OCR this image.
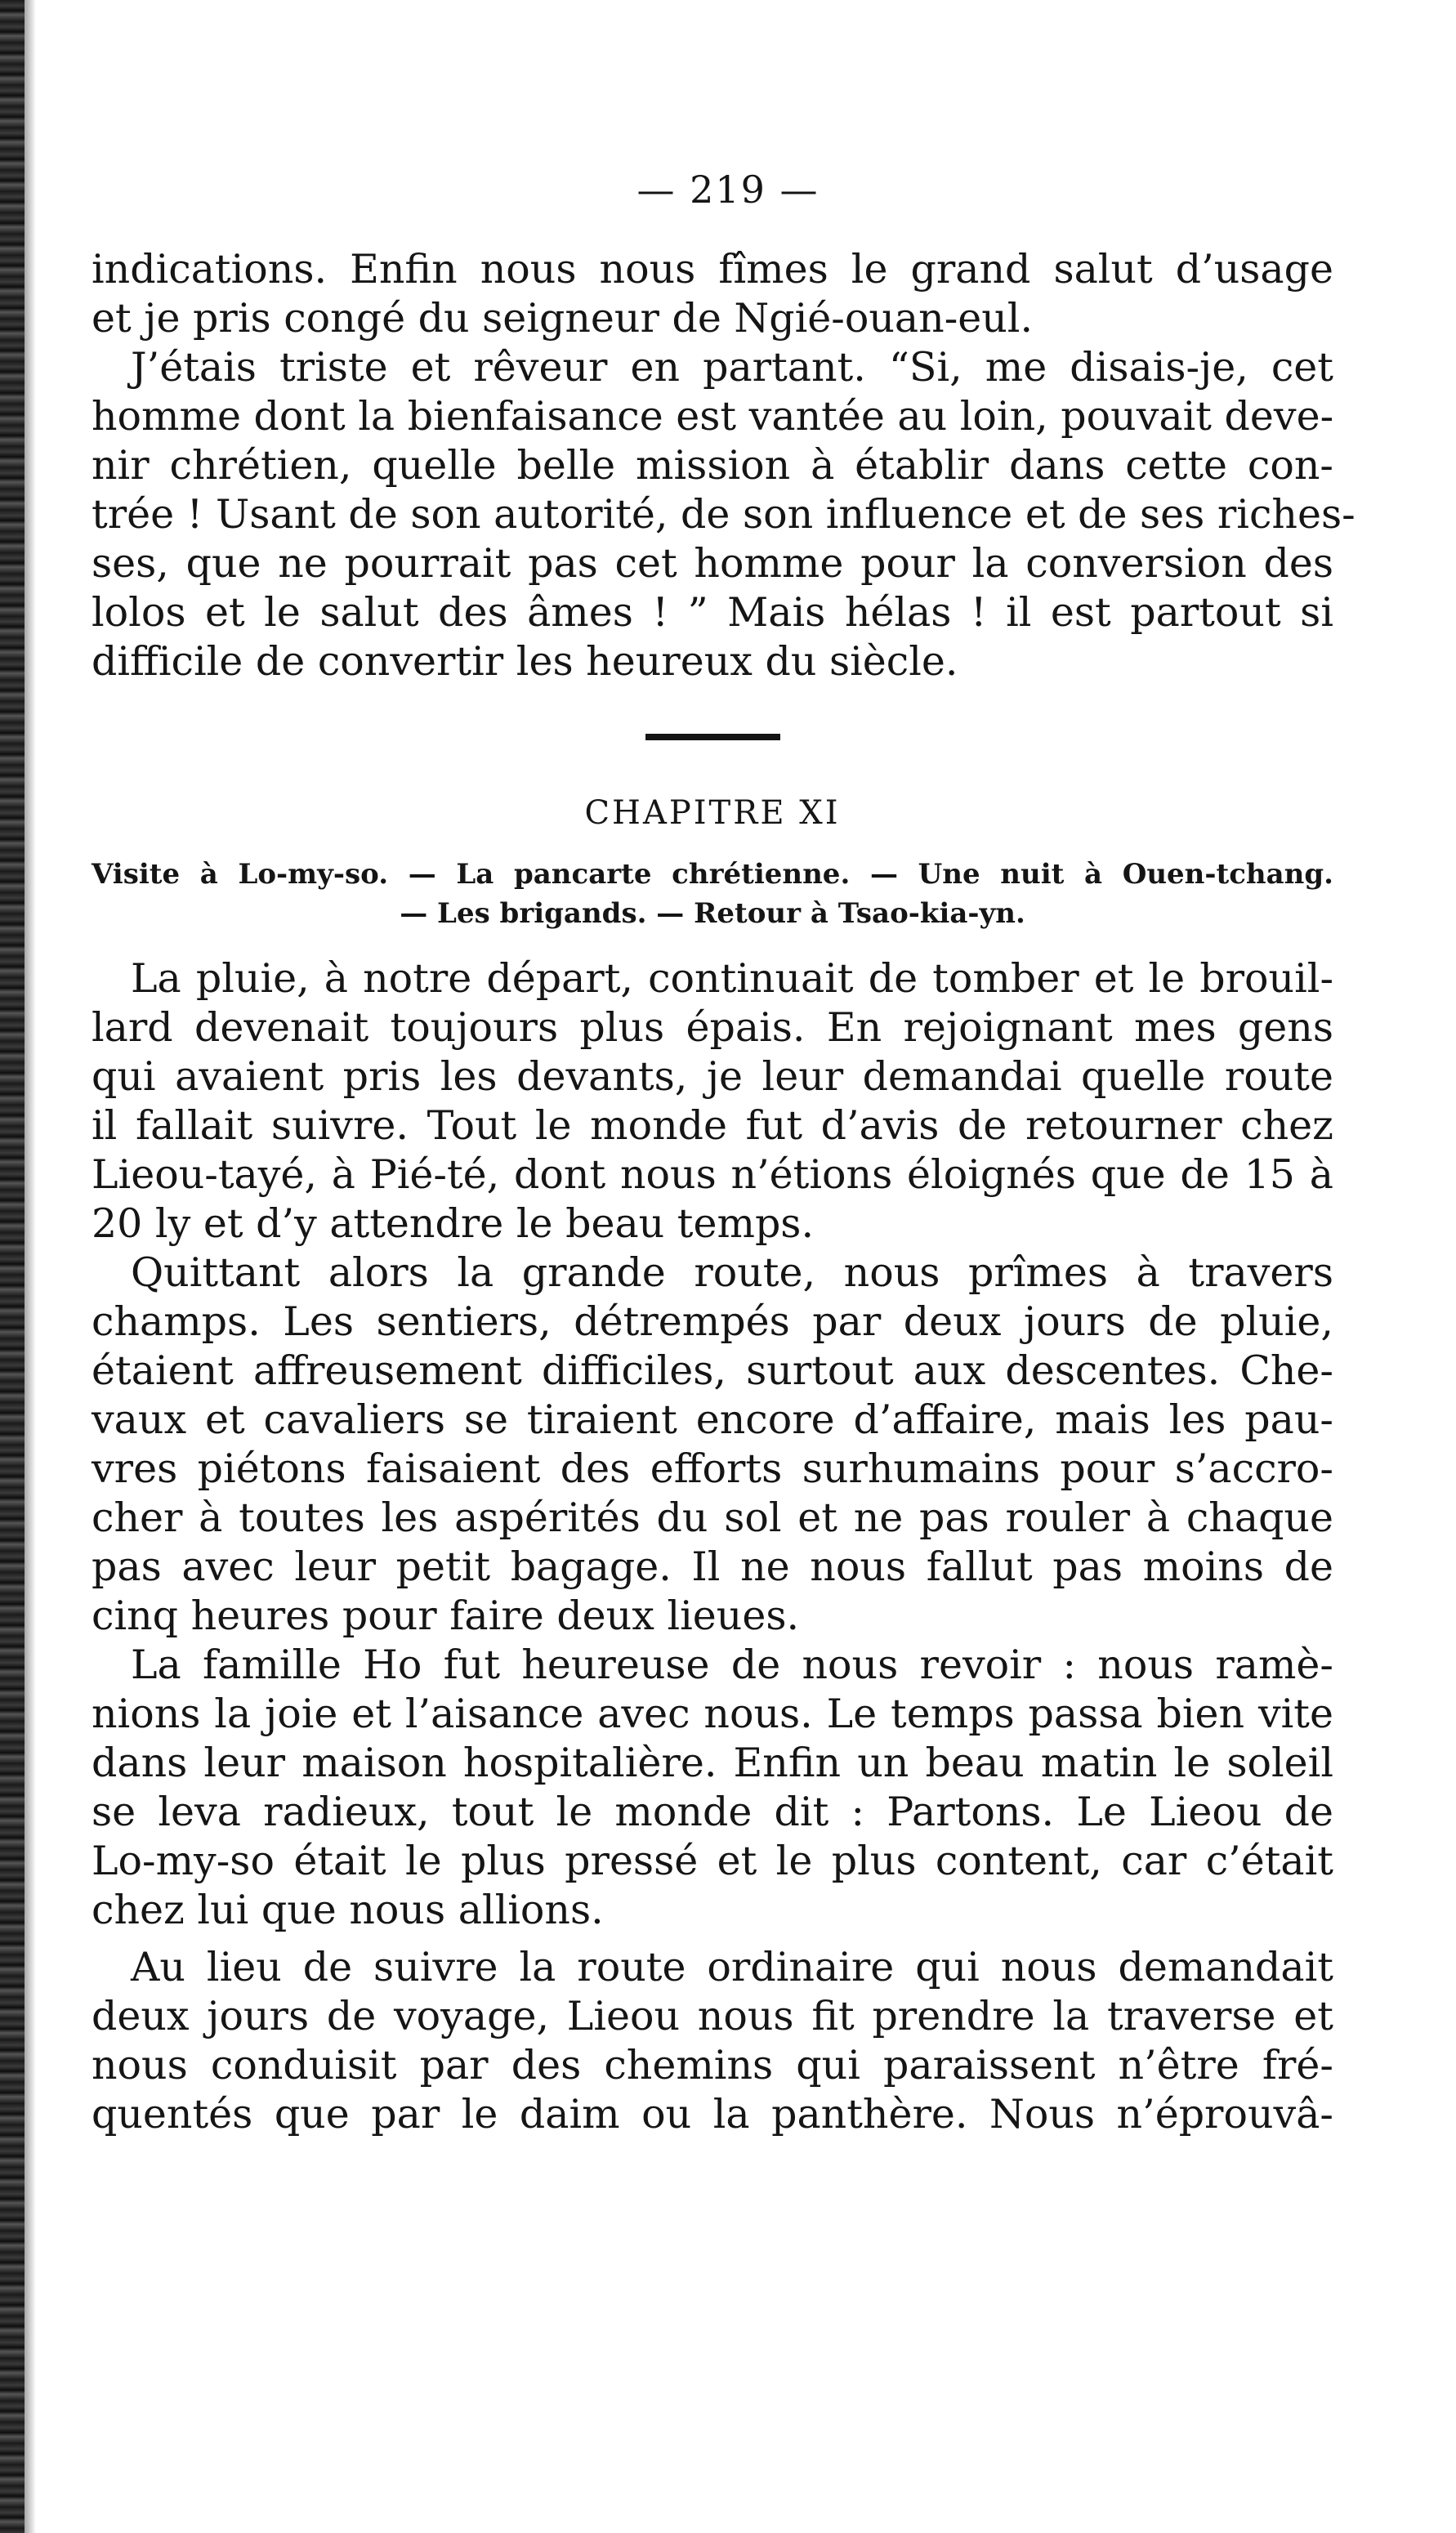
— 219 —
indications. Enfin nous nous fîmes le grand salut d’usage
et je pris congé du seigneur de Ngié-ouan-eul.
J’étais triste et rêveur en partant. “Si, me disais-je, cet
homme dont la bienfaisance est vantée au loin, pouvait deve-
nir chrétien, quelle belle mission à établir dans cette con-
trée ! Usant de son autorité, de son influence et de ses riches-
ses, que ne pourrait pas cet homme pour la conversion des
lolos et le salut des âmes ! ” Mais hélas ! il est partout si
difficile de convertir les heureux du siècle.
CHAPITRE XI
Visite à Lo-my-so. — La pancarte chrétienne. — Une nuit à Ouen-tchang.
— Les brigands. — Retour à Tsao-kia-yn.
La pluie, à notre départ, continuait de tomber et le brouil-
lard devenait toujours plus épais. En rejoignant mes gens
qui avaient pris les devants, je leur demandai quelle route
il fallait suivre. Tout le monde fut d’avis de retourner chez
Lieou-tayé, à Pié-té, dont nous n’étions éloignés que de 15 à
20 ly et d’y attendre le beau temps.
Quittant alors la grande route, nous prîmes à travers
champs. Les sentiers, détrempés par deux jours de pluie,
étaient affreusement difficiles, surtout aux descentes. Che-
vaux et cavaliers se tiraient encore d’affaire, mais les pau-
vres piétons faisaient des efforts surhumains pour s’accro-
cher à toutes les aspérités du sol et ne pas rouler à chaque
pas avec leur petit bagage. Il ne nous fallut pas moins de
cinq heures pour faire deux lieues.
La famille Ho fut heureuse de nous revoir : nous ramè-
nions la joie et l’aisance avec nous. Le temps passa bien vite
dans leur maison hospitalière. Enfin un beau matin le soleil
se leva radieux, tout le monde dit : Partons. Le Lieou de
Lo-my-so était le plus pressé et le plus content, car c’était
chez lui que nous allions.
Au lieu de suivre la route ordinaire qui nous demandait
deux jours de voyage, Lieou nous fit prendre la traverse et
nous conduisit par des chemins qui paraissent n’être fré-
quentés que par le daim ou la panthère. Nous n’éprouvâ-
